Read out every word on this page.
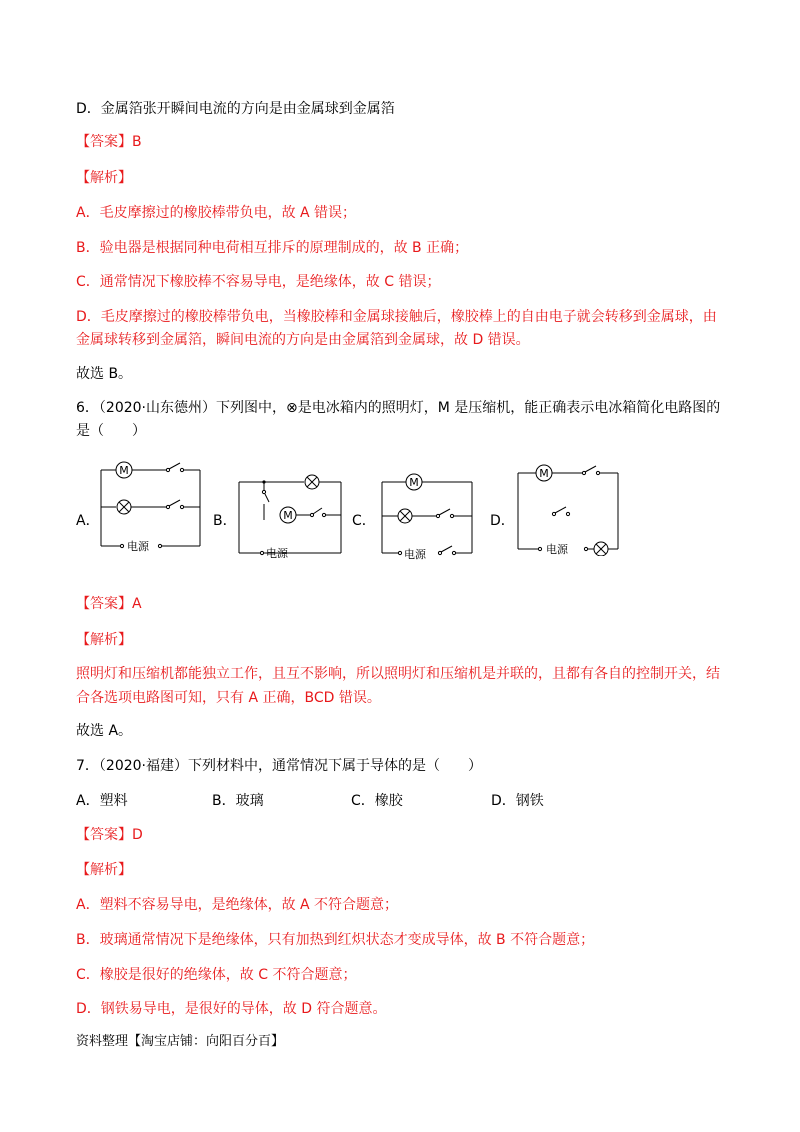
D．金属箔张开瞬间电流的方向是由金属球到金属箔
【答案】B
【解析】
A．毛皮摩擦过的橡胶棒带负电，故 A 错误；
B．验电器是根据同种电荷相互排斥的原理制成的，故 B 正确；
C．通常情况下橡胶棒不容易导电，是绝缘体，故 C 错误；
D．毛皮摩擦过的橡胶棒带负电，当橡胶棒和金属球接触后，橡胶棒上的自由电子就会转移到金属球，由
金属球转移到金属箔，瞬间电流的方向是由金属箔到金属球，故 D 错误。
故选 B。
6．（2020·山东德州）下列图中，⊗是电冰箱内的照明灯，M 是压缩机，能正确表示电冰箱简化电路图的
是（　　）
A．
M
电源
B．	M
电源
C．
M
电源
D．
M
电源
【答案】A
【解析】
照明灯和压缩机都能独立工作，且互不影响，所以照明灯和压缩机是并联的，且都有各自的控制开关，结
合各选项电路图可知，只有 A 正确，BCD 错误。
故选 A。
7．（2020·福建）下列材料中，通常情况下属于导体的是（　　）
A．塑料	B．玻璃	C．橡胶	D．钢铁
【答案】D
【解析】
A．塑料不容易导电，是绝缘体，故 A 不符合题意；
B．玻璃通常情况下是绝缘体，只有加热到红炽状态才变成导体，故 B 不符合题意；
C．橡胶是很好的绝缘体，故 C 不符合题意；
D．钢铁易导电，是很好的导体，故 D 符合题意。
资料整理【淘宝店铺：向阳百分百】
